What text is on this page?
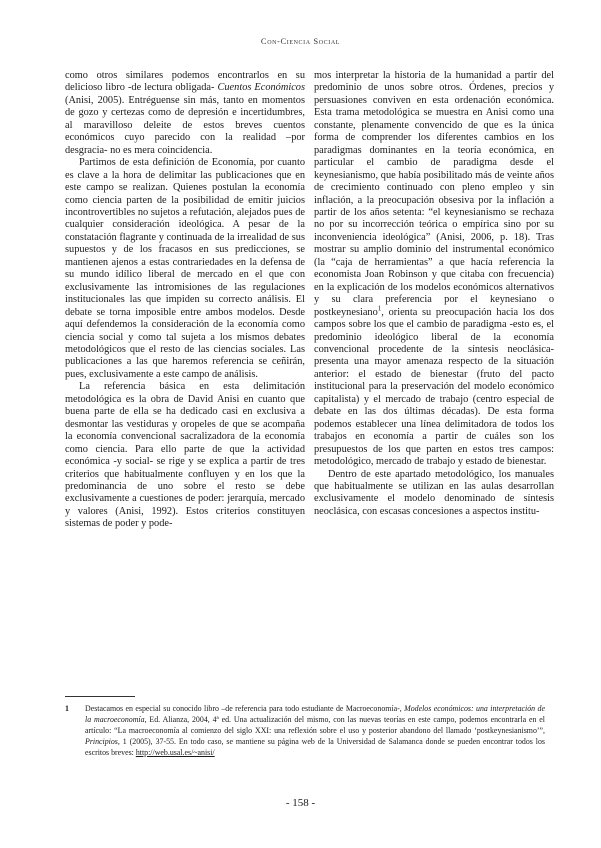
Con-Ciencia Social

como otros similares podemos encontrarlos en su delicioso libro -de lectura obligada- Cuentos Económicos (Anisi, 2005). Entréguense sin más, tanto en momentos de gozo y certezas como de depresión e incertidumbres, al maravilloso deleite de estos breves cuentos económicos cuyo parecido con la realidad –por desgracia- no es mera coincidencia.

Partimos de esta definición de Economía, por cuanto es clave a la hora de delimitar las publicaciones que en este campo se realizan. Quienes postulan la economía como ciencia parten de la posibilidad de emitir juicios incontrovertibles no sujetos a refutación, alejados pues de cualquier consideración ideológica. A pesar de la constatación flagrante y continuada de la irrealidad de sus supuestos y de los fracasos en sus predicciones, se mantienen ajenos a estas contrariedades en la defensa de su mundo idílico liberal de mercado en el que con exclusivamente las intromisiones de las regulaciones institucionales las que impiden su correcto análisis. El debate se torna imposible entre ambos modelos. Desde aquí defendemos la consideración de la economía como ciencia social y como tal sujeta a los mismos debates metodológicos que el resto de las ciencias sociales. Las publicaciones a las que haremos referencia se ceñirán, pues, exclusivamente a este campo de análisis.

La referencia básica en esta delimitación metodológica es la obra de David Anisi en cuanto que buena parte de ella se ha dedicado casi en exclusiva a desmontar las vestiduras y oropeles de que se acompaña la economía convencional sacralizadora de la economía como ciencia. Para ello parte de que la actividad económica -y social- se rige y se explica a partir de tres criterios que habitualmente confluyen y en los que la predominancia de uno sobre el resto se debe exclusivamente a cuestiones de poder: jerarquía, mercado y valores (Anisi, 1992). Estos criterios constituyen sistemas de poder y pode-

mos interpretar la historia de la humanidad a partir del predominio de unos sobre otros. Órdenes, precios y persuasiones conviven en esta ordenación económica. Esta trama metodológica se muestra en Anisi como una constante, plenamente convencido de que es la única forma de comprender los diferentes cambios en los paradigmas dominantes en la teoría económica, en particular el cambio de paradigma desde el keynesianismo, que había posibilitado más de veinte años de crecimiento continuado con pleno empleo y sin inflación, a la preocupación obsesiva por la inflación a partir de los años setenta: “el keynesianismo se rechaza no por su incorrección teórica o empírica sino por su inconveniencia ideológica” (Anisi, 2006, p. 18). Tras mostrar su amplio dominio del instrumental económico (la “caja de herramientas” a que hacía referencia la economista Joan Robinson y que citaba con frecuencia) en la explicación de los modelos económicos alternativos y su clara preferencia por el keynesiano o postkeynesiano$^1$, orienta su preocupación hacia los dos campos sobre los que el cambio de paradigma -esto es, el predominio ideológico liberal de la economía convencional procedente de la síntesis neoclásica- presenta una mayor amenaza respecto de la situación anterior: el estado de bienestar (fruto del pacto institucional para la preservación del modelo económico capitalista) y el mercado de trabajo (centro especial de debate en las dos últimas décadas). De esta forma podemos establecer una línea delimitadora de todos los trabajos en economía a partir de cuáles son los presupuestos de los que parten en estos tres campos: metodológico, mercado de trabajo y estado de bienestar.

Dentro de este apartado metodológico, los manuales que habitualmente se utilizan en las aulas desarrollan exclusivamente el modelo denominado de síntesis neoclásica, con escasas concesiones a aspectos institu-

1 Destacamos en especial su conocido libro –de referencia para todo estudiante de Macroeconomía-, Modelos económicos: una interpretación de la macroeconomía, Ed. Alianza, 2004, 4ª ed. Una actualización del mismo, con las nuevas teorías en este campo, podemos encontrarla en el artículo: “La macroeconomía al comienzo del siglo XXI: una reflexión sobre el uso y posterior abandono del llamado ‘postkeynesianismo’”, Principios, 1 (2005), 37-55. En todo caso, se mantiene su página web de la Universidad de Salamanca donde se pueden encontrar todos los escritos breves: http://web.usal.es/~anisi/
- 158 -
